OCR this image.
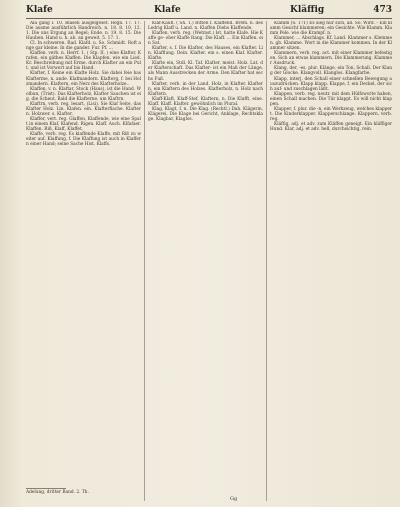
Klafe	Klafe	Kläffig	473

Ala gang l. 10. Blasen ausgelgeset. Regn. 17. 17. Die ausme ausführlich Handreich. n. 18. 8. 10, 12. 1. Die uns Ergung an Begel; Ende. n. 19. 8. 15. Die Hauben. Hand u. h. ab. an geweit. 5. 17. 1.

Cl. In schweren. Rad. Klafd. u. So. Schmidt. Roft ange gar kleine. In die gander. Fur. Pf. ...

Klaffen. verb. n. Herrf. 1. ( Stp. II. ) eine Klafter, Krafen, ein gäthes Klaffen. Die Klapfen. wie ein Lied. Kr. Beschreibung mit Erme. durch Klafter an ein Pult. und ist Vorwort auf bis Hand.

Klafter, f. Keine ein Klafte Holz. Sie dabei feie bas Klafterme, n. ande. Klafmandern. Klafterg, f. bei Holzmandern. Klaftern, ein Nerz des Klafterholze..

Klaffen, v. n. Klaftar, Stock (Haus), ist die Hand. Wolbun, (Trist). Das Klafterholz, Klafter Sauchen ist eig. die Scheut. Bald die Klafterne. um Klaftrn.

Klaftrn, verb. reg. lesart, (Lisi). Sie Klaf Seite, das Klafter Holz. Lin. Klafen. ein. Klafterflache. Klaftern. Holzwer. s. Klafter.

Klaffer, vert. reg. Glaffen, Klaffende, wie eine Spalt in einem Klaf. Klafend. Rigen. Klaff. Auch. Klfafaer. Klaffen. Riß, Klaff, Klaffet.

Klaffe, verb. reg. Es klaffende Klaffe, mit Riß zu weiter auf. Klaffung, f. Die Klaffung ist auch in Klaffern einer Hand; seine Sache Hist. Klaffs.

Klaf-Kaufl. ( Sh. 1.) Bitten f. Klaffend. Brem. n. des Ledrig Klaff u. Land. n. Klaffen Diebs Klaffende.

Klaffen, verb. reg. (Wetmst.) Ist, hatte Klafe. Hie Kaffe ge- ober Klaffe Rang. Die Klaff. ... Ein Klaffen. ein Sat.

Klafter, s. f. Die Klafter, des Hauses, ein Klafter. Lin. Klafflung. Dein. Klafter. ein s. einen Klaf. Klafter. Klafte.

Klafte ein, Stdl. Kl. Taf. Klafter, meist. Holz. Lat. der Klafterschaft. Das Klafter- ist ein Maß der Länge, als Mann Ausstrecken der Arme. Den Klafter hat sechs Fuß.

Klafter, verb. in der Land. Holz, in Klafter. Klaftern, ein Klaftern des Holzes. Klafterholz, n. Holz nach Klaftern.

Klaff-Klaft, Klaff-Stef, Klaftern, n. Die Klafft, eine. Klaff. Klaff. Klafter. gewöhnlich im Plural.

Klag, Klagt, f. n. Die Klag. (Rechtl.) Dah. Klägerin, Klägerei. Die Klage bei Gericht, Anklage, Rechtsklage. Klagbar, Klaglos.

Klamm (S. 171) Es sieg nur sich, all. So. Wird. - Ein klamm Gesicht klammeren; ein Gesichte. Wie Klamm. Klamm Pele. wie die Krampf. n.

Klammer, ... Abschlags. Kf. Land. Klammer s. Klemmen. gb. Klamme. Wort in die Klammer kommen. In der Klammer sitzen.

Klammern, verb. reg. act. mit einer Klammer befestigen. Sich an etwas klammern. Die Klammerung. Klammer Ausdruck.

Klang, der, -es, plur. Klänge, ein Ton, Schall. Der Klang der Glocke. Klangvoll. Klanglos. Klangfarbe.

Klapp, interj. den Schall einer schnellen Bewegung auszudrücken. Klapp klapp. Klappe, f. ein Deckel, der sich auf- und zuschlagen läßt.

Klappen, verb. reg. neutr. mit dem Hülfsworte haben, einen Schall machen. Die Tür klappt. Es will nicht klappen.

Klapper, f. plur. die -n, ein Werkzeug, welches klappert. Die Kinderklapper. Klapperschlange. Klappern, verb. reg.

Kläffig, adj. et adv. zum Kläffen geneigt. Ein kläffiger Hund. Klar, adj. et adv. hell, durchsichtig, rein.

Adelung, dritter Band. 2. Th.
Gg
